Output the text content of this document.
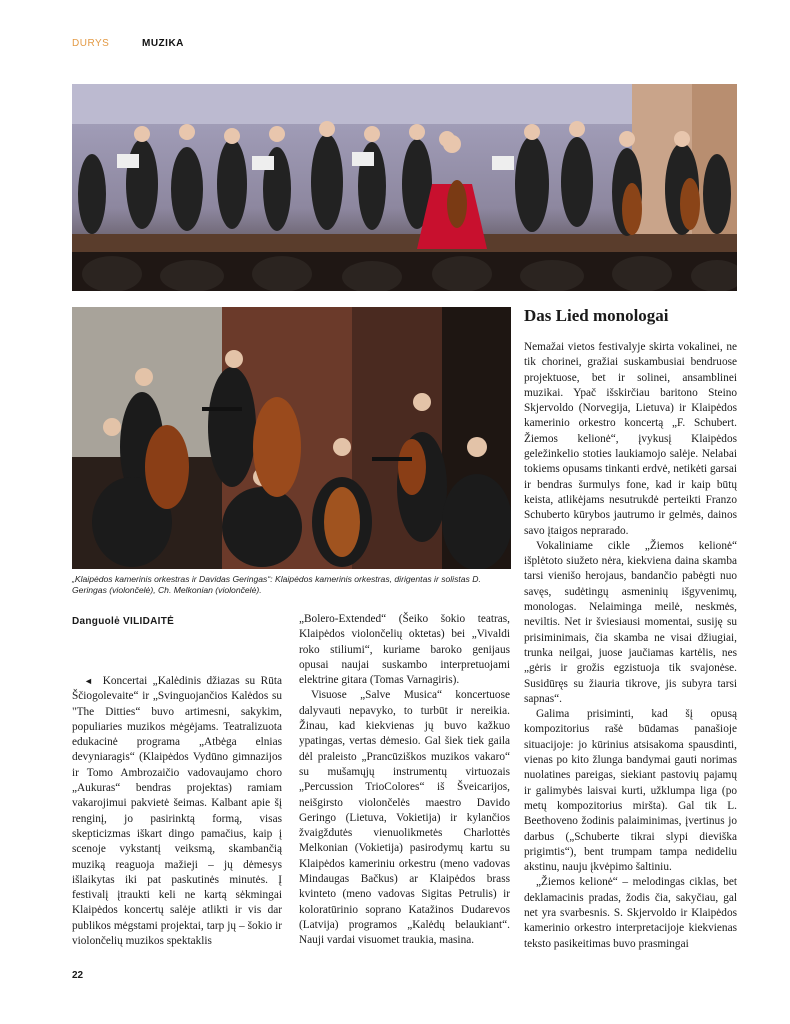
DURYS	MUZIKA
„Klaipėdos kamerinis orkestras ir Davidas Geringas“: Klaipėdos kamerinis orkestras, dirigentas ir solistas D. Geringas (violončelė), Ch. Melkonian (violončelė).
Danguolė VILIDAITĖ

◄  Koncertai „Kalėdinis džiazas su Rūta Ščiogolevaite“ ir „Svinguojančios Kalėdos su "The Ditties“ buvo artimesni, sakykim, populiaries muzikos mėgėjams. Teatralizuota edukacinė programa „Atbėga elnias devyniaragis“ (Klaipėdos Vydūno gimnazijos ir Tomo Ambrozaičio vadovaujamo choro „Aukuras“ bendras projektas) ramiam vakarojimui pakvietė šeimas. Kalbant apie šį renginį, jo pasirinktą formą, visas skepticizmas iškart dingo pamačius, kaip į scenoje vykstantį veiksmą, skambančią muziką reaguoja mažieji – jų dėmesys išlaikytas iki pat paskutinės minutės. Į festivalį įtraukti keli ne kartą sėkmingai Klaipėdos koncertų salėje atlikti ir vis dar publikos mėgstami projektai, tarp jų – šokio ir violončelių muzikos spektaklis

„Bolero-Extended“ (Šeiko šokio teatras, Klaipėdos violončelių oktetas) bei „Vivaldi roko stiliumi“, kuriame baroko genijaus opusai naujai suskambo interpretuojami elektrine gitara (Tomas Varnagiris).

Visuose „Salve Musica“ koncertuose dalyvauti nepavyko, to turbūt ir nereikia. Žinau, kad kiekvienas jų buvo kažkuo ypatingas, vertas dėmesio. Gal šiek tiek gaila dėl praleisto „Prancūziškos muzikos vakaro“ su mušamųjų instrumentų virtuozais „Percussion TrioColores“ iš Šveicarijos, neišgirsto violončelės maestro Davido Geringo (Lietuva, Vokietija) ir kylančios žvaigždutės vienuolikmetės Charlottės Melkonian (Vokietija) pasirodymų kartu su Klaipėdos kameriniu orkestru (meno vadovas Mindaugas Bačkus) ar Klaipėdos brass kvinteto (meno vadovas Sigitas Petrulis) ir koloratūrinio soprano Katažinos Dudarevos (Latvija) programos „Kalėdų belaukiant“. Nauji vardai visuomet traukia, masina.

Das Lied monologai

Nemažai vietos festivalyje skirta vokalinei, ne tik chorinei, gražiai suskambusiai bendruose projektuose, bet ir solinei, ansamblinei muzikai. Ypač išskirčiau baritono Steino Skjervoldo (Norvegija, Lietuva) ir Klaipėdos kamerinio orkestro koncertą „F. Schubert. Žiemos kelionė“, įvykusį Klaipėdos geležinkelio stoties laukiamojo salėje. Nelabai tokiems opusams tinkanti erdvė, netikėti garsai ir bendras šurmulys fone, kad ir kaip būtų keista, atlikėjams nesutrukdė perteikti Franzo Schuberto kūrybos jautrumo ir gelmės, dainos savo įtaigos neprarado.

Vokaliniame cikle „Žiemos kelionė“ išplėtoto siužeto nėra, kiekviena daina skamba tarsi vienišo herojaus, bandančio pabėgti nuo savęs, sudėtingų asmeninių išgyvenimų, monologas. Nelaiminga meilė, neskmės, neviltis. Net ir šviesiausi momentai, susiję su prisiminimais, čia skamba ne visai džiugiai, trunka neilgai, juose jaučiamas kartėlis, nes „gėris ir grožis egzistuoja tik svajonėse. Susidūręs su žiauria tikrove, jis subyra tarsi sapnas“.

Galima prisiminti, kad šį opusą kompozitorius rašė būdamas panašioje situacijoje: jo kūrinius atsisakoma spausdinti, vienas po kito žlunga bandymai gauti norimas nuolatines pareigas, siekiant pastovių pajamų ir galimybės laisvai kurti, užklumpa liga (po metų kompozitorius miršta). Gal tik L. Beethoveno žodinis palaiminimas, įvertinus jo darbus („Schuberte tikrai slypi dieviška prigimtis“), bent trumpam tampa nedideliu akstinu, nauju įkvėpimo šaltiniu.

„Žiemos kelionė“ – melodingas ciklas, bet deklamacinis pradas, žodis čia, sakyčiau, gal net yra svarbesnis. S. Skjervoldo ir Klaipėdos kamerinio orkestro interpretacijoje kiekvienas teksto pasikeitimas buvo prasmingai

22
